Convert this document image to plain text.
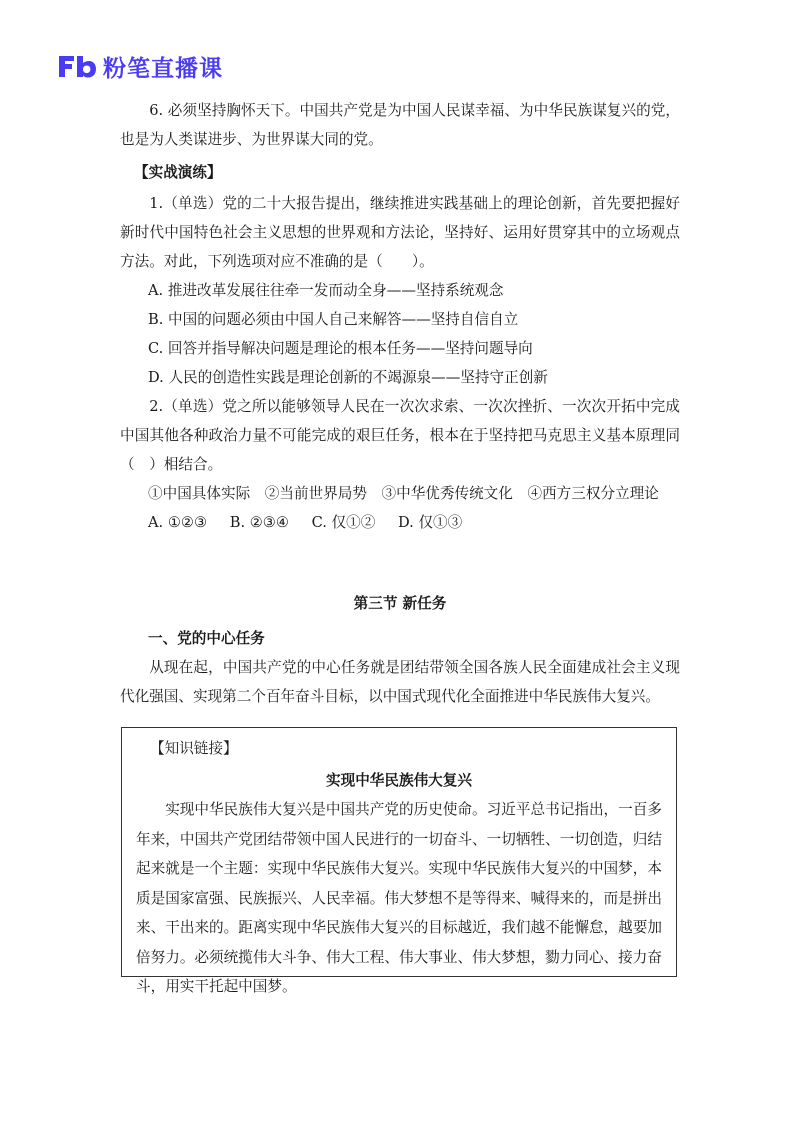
粉笔直播课

6. 必须坚持胸怀天下。中国共产党是为中国人民谋幸福、为中华民族谋复兴的党，也是为人类谋进步、为世界谋大同的党。

【实战演练】

1.（单选）党的二十大报告提出，继续推进实践基础上的理论创新，首先要把握好新时代中国特色社会主义思想的世界观和方法论，坚持好、运用好贯穿其中的立场观点方法。对此，下列选项对应不准确的是（　　）。

A. 推进改革发展往往牵一发而动全身——坚持系统观念

B. 中国的问题必须由中国人自己来解答——坚持自信自立

C. 回答并指导解决问题是理论的根本任务——坚持问题导向

D. 人民的创造性实践是理论创新的不竭源泉——坚持守正创新

2.（单选）党之所以能够领导人民在一次次求索、一次次挫折、一次次开拓中完成中国其他各种政治力量不可能完成的艰巨任务，根本在于坚持把马克思主义基本原理同（　）相结合。

①中国具体实际　②当前世界局势　③中华优秀传统文化　④西方三权分立理论

A. ①②③ B. ②③④ C. 仅①② D. 仅①③

第三节 新任务

一、党的中心任务

从现在起，中国共产党的中心任务就是团结带领全国各族人民全面建成社会主义现代化强国、实现第二个百年奋斗目标，以中国式现代化全面推进中华民族伟大复兴。

【知识链接】

实现中华民族伟大复兴

实现中华民族伟大复兴是中国共产党的历史使命。习近平总书记指出，一百多年来，中国共产党团结带领中国人民进行的一切奋斗、一切牺牲、一切创造，归结起来就是一个主题：实现中华民族伟大复兴。实现中华民族伟大复兴的中国梦，本质是国家富强、民族振兴、人民幸福。伟大梦想不是等得来、喊得来的，而是拼出来、干出来的。距离实现中华民族伟大复兴的目标越近，我们越不能懈怠，越要加倍努力。必须统揽伟大斗争、伟大工程、伟大事业、伟大梦想，勠力同心、接力奋斗，用实干托起中国梦。
